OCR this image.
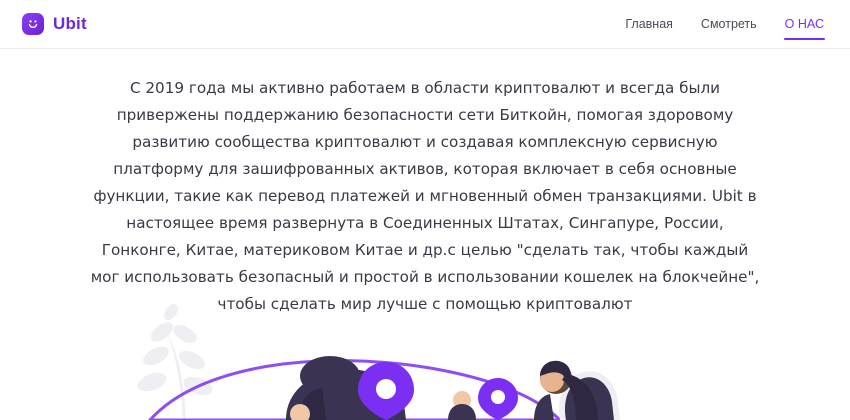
Ubit	Главная Смотреть О НАС

С 2019 года мы активно работаем в области криптовалют и всегда были привержены поддержанию безопасности сети Биткойн, помогая здоровому развитию сообщества криптовалют и создавая комплексную сервисную платформу для зашифрованных активов, которая включает в себя основные функции, такие как перевод платежей и мгновенный обмен транзакциями. Ubit в настоящее время развернута в Соединенных Штатах, Сингапуре, России, Гонконге, Китае, материковом Китае и др.с целью "сделать так, чтобы каждый мог использовать безопасный и простой в использовании кошелек на блокчейне", чтобы сделать мир лучше с помощью криптовалют
